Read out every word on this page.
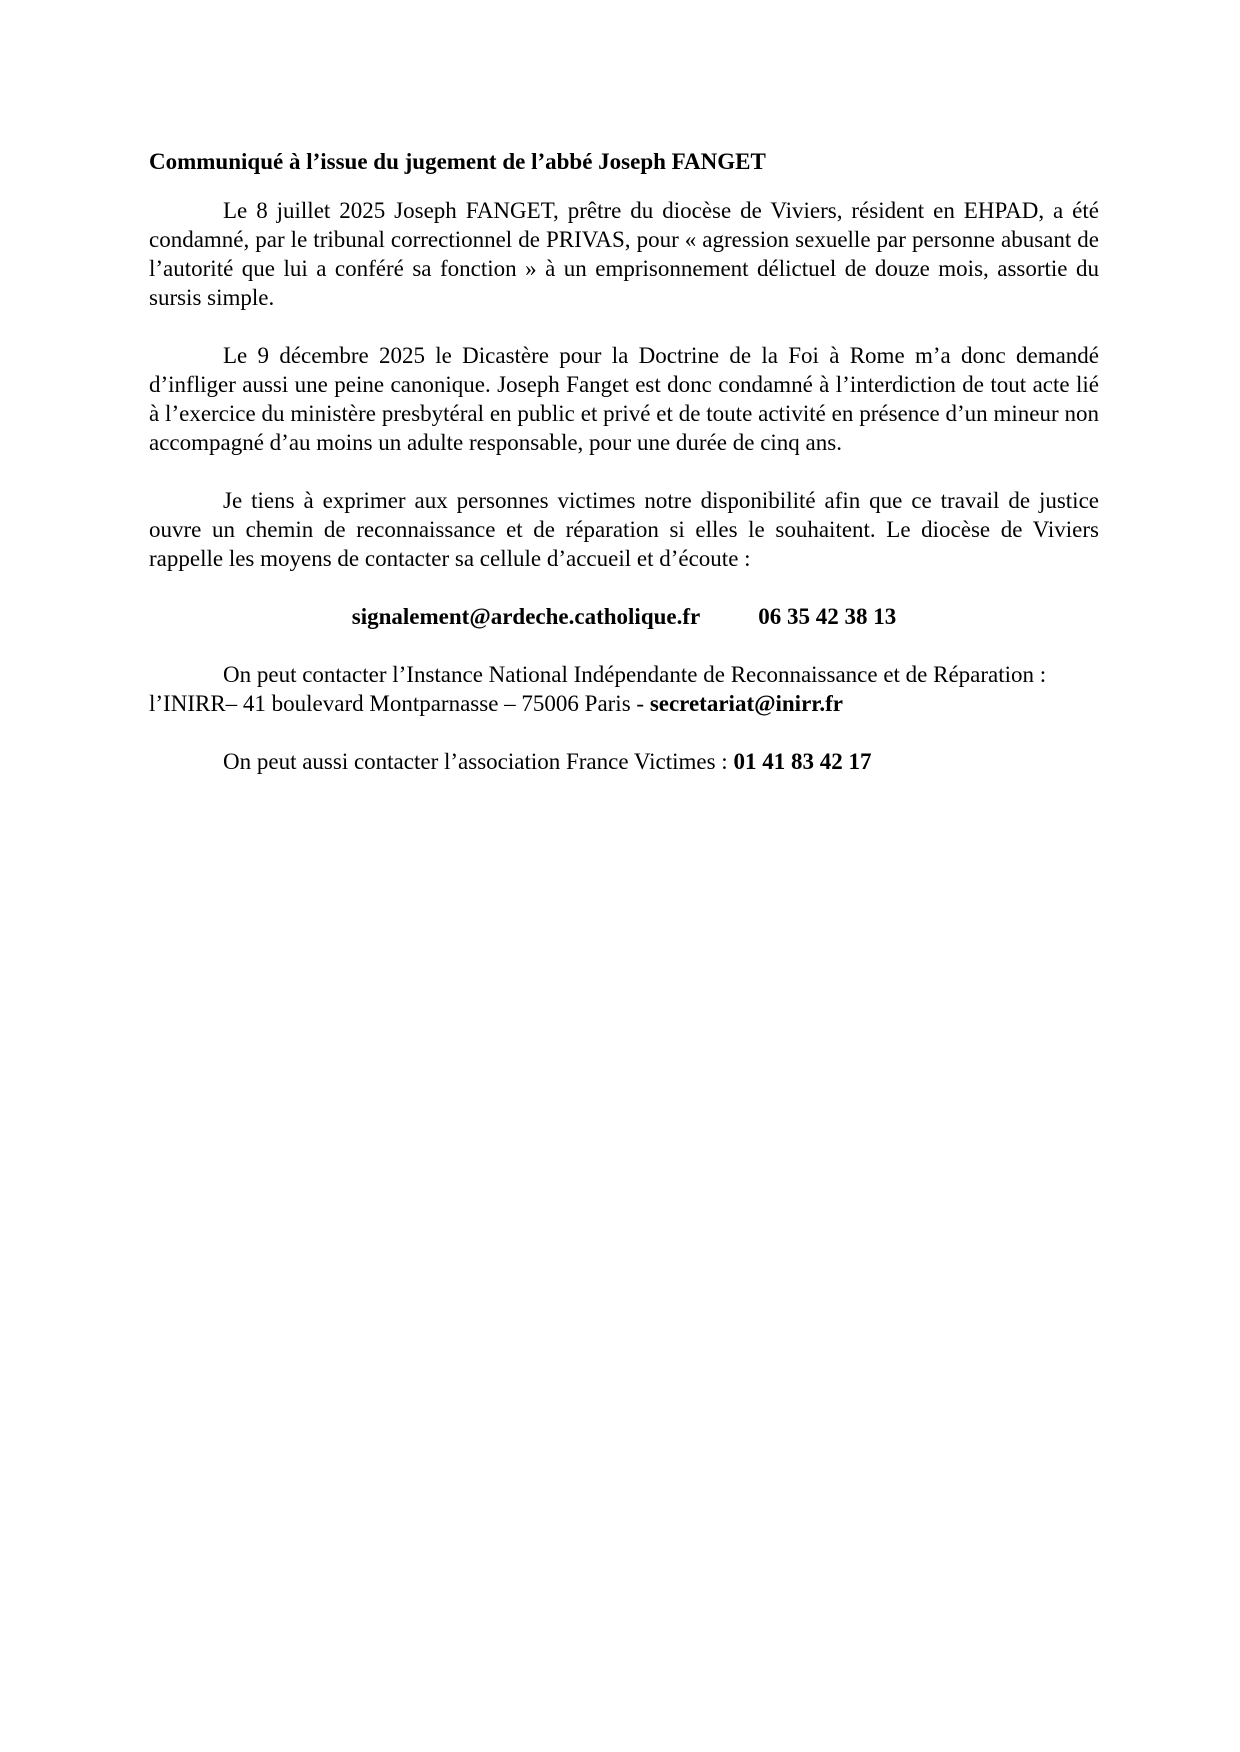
Communiqué à l’issue du jugement de l’abbé Joseph FANGET

Le 8 juillet 2025 Joseph FANGET, prêtre du diocèse de Viviers, résident en EHPAD, a été condamné, par le tribunal correctionnel de PRIVAS, pour « agression sexuelle par personne abusant de l’autorité que lui a conféré sa fonction » à un emprisonnement délictuel de douze mois, assortie du sursis simple.

Le 9 décembre 2025 le Dicastère pour la Doctrine de la Foi à Rome m’a donc demandé d’infliger aussi une peine canonique. Joseph Fanget est donc condamné à l’interdiction de tout acte lié à l’exercice du ministère presbytéral en public et privé et de toute activité en présence d’un mineur non accompagné d’au moins un adulte responsable, pour une durée de cinq ans.

Je tiens à exprimer aux personnes victimes notre disponibilité afin que ce travail de justice ouvre un chemin de reconnaissance et de réparation si elles le souhaitent. Le diocèse de Viviers rappelle les moyens de contacter sa cellule d’accueil et d’écoute :

signalement@ardeche.catholique.fr	06 35 42 38 13

On peut contacter l’Instance National Indépendante de Reconnaissance et de Réparation : l’INIRR– 41 boulevard Montparnasse – 75006 Paris - secretariat@inirr.fr

On peut aussi contacter l’association France Victimes : 01 41 83 42 17
